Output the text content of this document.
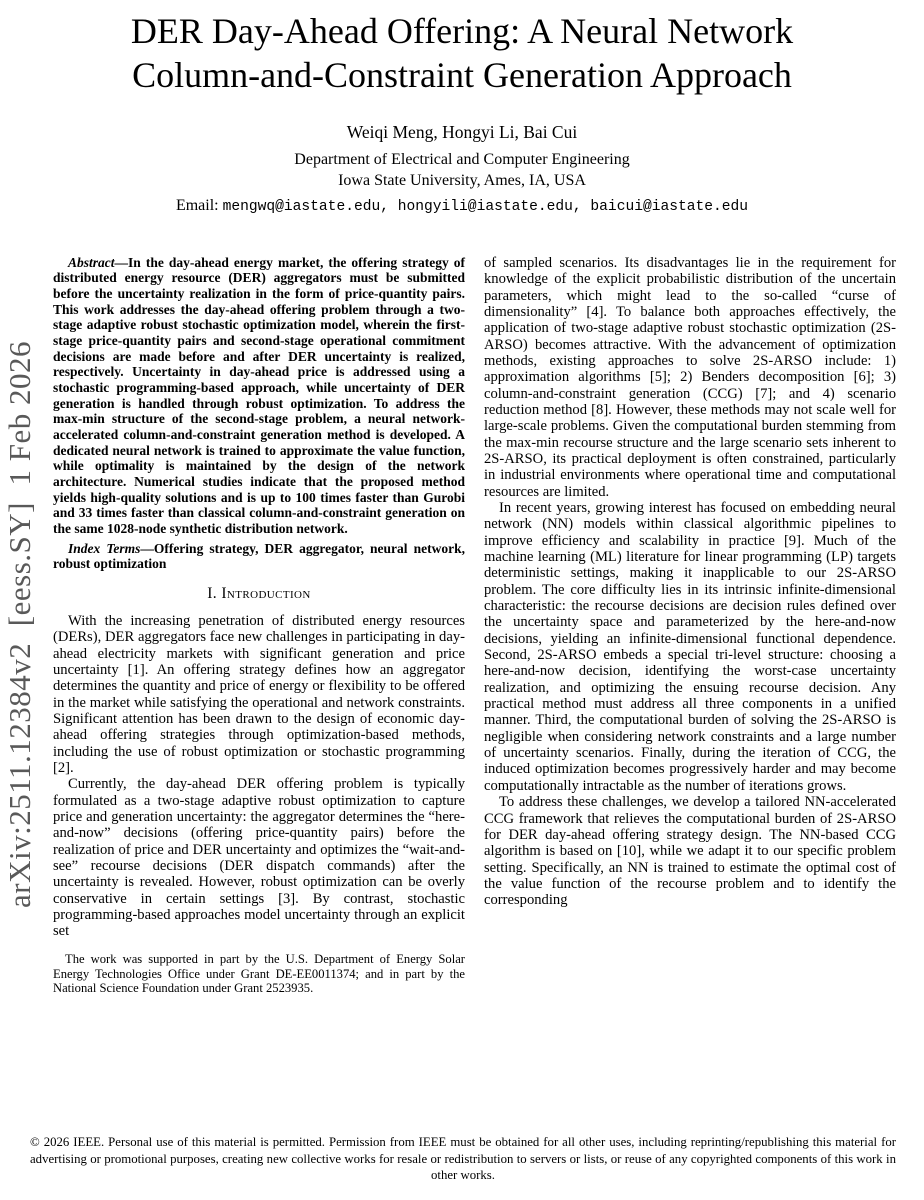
arXiv:2511.12384v2  [eess.SY]  1 Feb 2026
DER Day-Ahead Offering: A Neural Network
Column-and-Constraint Generation Approach
Weiqi Meng, Hongyi Li, Bai Cui
Department of Electrical and Computer Engineering
Iowa State University, Ames, IA, USA
Email: mengwq@iastate.edu, hongyili@iastate.edu, baicui@iastate.edu

Abstract—In the day-ahead energy market, the offering strategy of distributed energy resource (DER) aggregators must be submitted before the uncertainty realization in the form of price-quantity pairs. This work addresses the day-ahead offering problem through a two-stage adaptive robust stochastic optimization model, wherein the first-stage price-quantity pairs and second-stage operational commitment decisions are made before and after DER uncertainty is realized, respectively. Uncertainty in day-ahead price is addressed using a stochastic programming-based approach, while uncertainty of DER generation is handled through robust optimization. To address the max-min structure of the second-stage problem, a neural network-accelerated column-and-constraint generation method is developed. A dedicated neural network is trained to approximate the value function, while optimality is maintained by the design of the network architecture. Numerical studies indicate that the proposed method yields high-quality solutions and is up to 100 times faster than Gurobi and 33 times faster than classical column-and-constraint generation on the same 1028-node synthetic distribution network.

Index Terms—Offering strategy, DER aggregator, neural network, robust optimization

I. Introduction

With the increasing penetration of distributed energy resources (DERs), DER aggregators face new challenges in participating in day-ahead electricity markets with significant generation and price uncertainty [1]. An offering strategy defines how an aggregator determines the quantity and price of energy or flexibility to be offered in the market while satisfying the operational and network constraints. Significant attention has been drawn to the design of economic day-ahead offering strategies through optimization-based methods, including the use of robust optimization or stochastic programming [2].

Currently, the day-ahead DER offering problem is typically formulated as a two-stage adaptive robust optimization to capture price and generation uncertainty: the aggregator determines the “here-and-now” decisions (offering price-quantity pairs) before the realization of price and DER uncertainty and optimizes the “wait-and-see” recourse decisions (DER dispatch commands) after the uncertainty is revealed. However, robust optimization can be overly conservative in certain settings [3]. By contrast, stochastic programming-based approaches model uncertainty through an explicit set

The work was supported in part by the U.S. Department of Energy Solar Energy Technologies Office under Grant DE-EE0011374; and in part by the National Science Foundation under Grant 2523935.

of sampled scenarios. Its disadvantages lie in the requirement for knowledge of the explicit probabilistic distribution of the uncertain parameters, which might lead to the so-called “curse of dimensionality” [4]. To balance both approaches effectively, the application of two-stage adaptive robust stochastic optimization (2S-ARSO) becomes attractive. With the advancement of optimization methods, existing approaches to solve 2S-ARSO include: 1) approximation algorithms [5]; 2) Benders decomposition [6]; 3) column-and-constraint generation (CCG) [7]; and 4) scenario reduction method [8]. However, these methods may not scale well for large-scale problems. Given the computational burden stemming from the max-min recourse structure and the large scenario sets inherent to 2S-ARSO, its practical deployment is often constrained, particularly in industrial environments where operational time and computational resources are limited.

In recent years, growing interest has focused on embedding neural network (NN) models within classical algorithmic pipelines to improve efficiency and scalability in practice [9]. Much of the machine learning (ML) literature for linear programming (LP) targets deterministic settings, making it inapplicable to our 2S-ARSO problem. The core difficulty lies in its intrinsic infinite-dimensional characteristic: the recourse decisions are decision rules defined over the uncertainty space and parameterized by the here-and-now decisions, yielding an infinite-dimensional functional dependence. Second, 2S-ARSO embeds a special tri-level structure: choosing a here-and-now decision, identifying the worst-case uncertainty realization, and optimizing the ensuing recourse decision. Any practical method must address all three components in a unified manner. Third, the computational burden of solving the 2S-ARSO is negligible when considering network constraints and a large number of uncertainty scenarios. Finally, during the iteration of CCG, the induced optimization becomes progressively harder and may become computationally intractable as the number of iterations grows.

To address these challenges, we develop a tailored NN-accelerated CCG framework that relieves the computational burden of 2S-ARSO for DER day-ahead offering strategy design. The NN-based CCG algorithm is based on [10], while we adapt it to our specific problem setting. Specifically, an NN is trained to estimate the optimal cost of the value function of the recourse problem and to identify the corresponding

© 2026 IEEE. Personal use of this material is permitted. Permission from IEEE must be obtained for all other uses, including reprinting/republishing this material for advertising or promotional purposes, creating new collective works for resale or redistribution to servers or lists, or reuse of any copyrighted components of this work in other works.
